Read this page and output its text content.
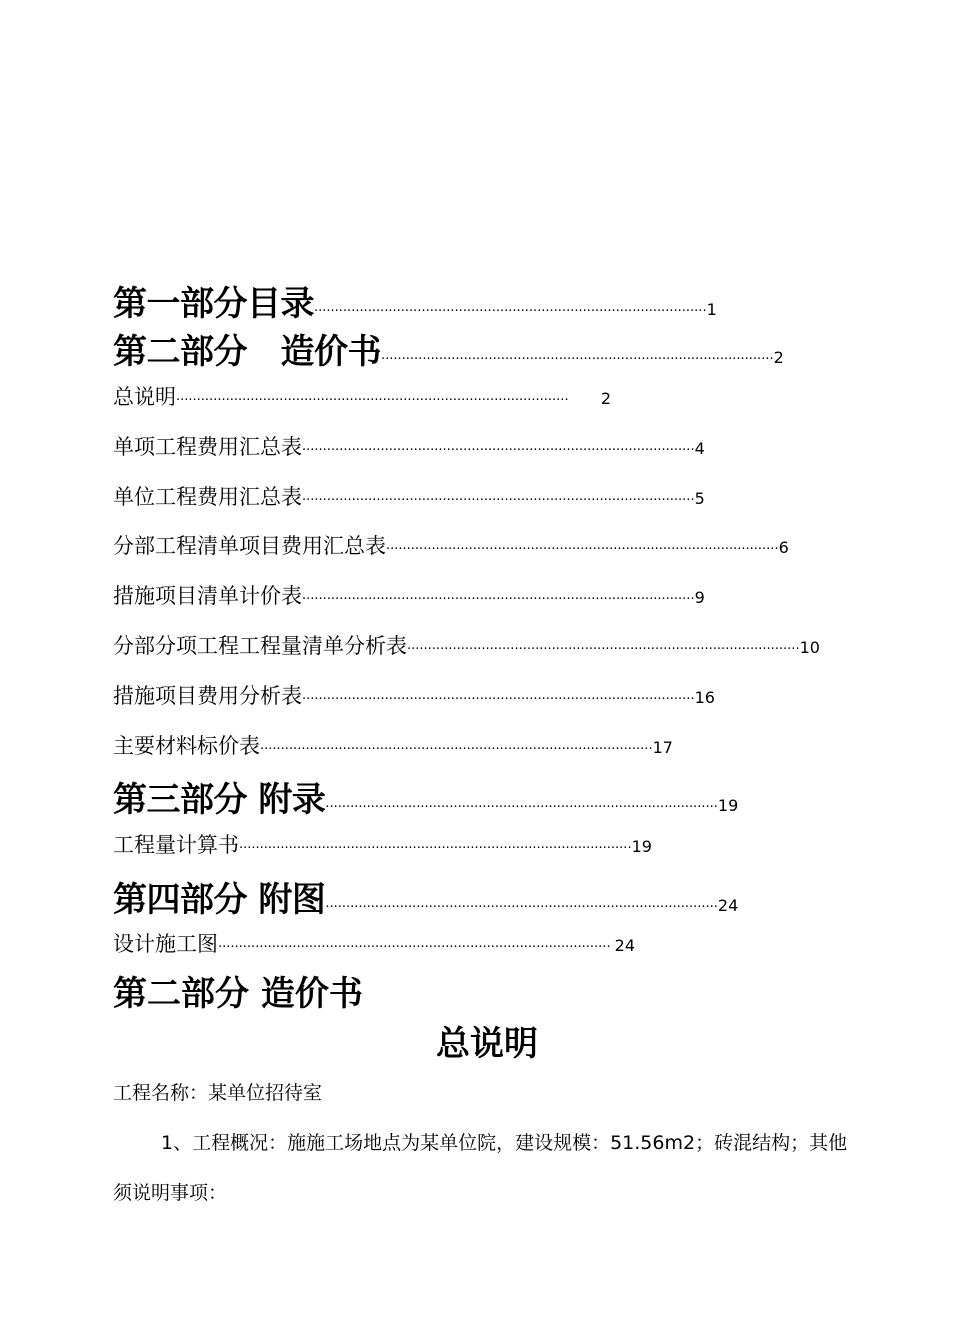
第一部分目录 ······························································································· 1
第二部分　造价书 ······························································································· 2
总说明 ·······························································································	2
单项工程费用汇总表 ······························································································· 4
单位工程费用汇总表 ······························································································· 5
分部工程清单项目费用汇总表 ······························································································· 6
措施项目清单计价表 ······························································································· 9
分部分项工程工程量清单分析表 ······························································································· 10
措施项目费用分析表 ······························································································· 16
主要材料标价表 ······························································································· 17
第三部分 附录 ······························································································· 19
工程量计算书 ······························································································· 19
第四部分 附图 ······························································································· 24
设计施工图 ······························································································· 24
第二部分 造价书
总说明
工程名称：某单位招待室
1、工程概况：施施工场地点为某单位院，建设规模：51.56m2；砖混结构；其他
须说明事项：
